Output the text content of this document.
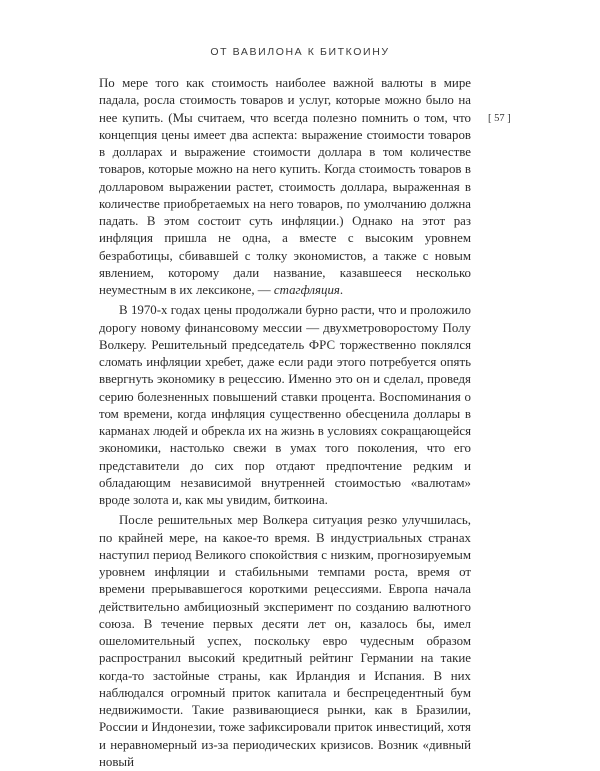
ОТ ВАВИЛОНА К БИТКОИНУ
[ 57 ]

По мере того как стоимость наиболее важной валюты в мире падала, росла стоимость товаров и услуг, которые можно было на нее купить. (Мы считаем, что всегда полезно помнить о том, что концепция цены имеет два аспекта: выражение стоимости товаров в долларах и выражение стоимости доллара в том количестве товаров, которые можно на него купить. Когда стоимость товаров в долларовом выражении растет, стоимость доллара, выраженная в количестве приобретаемых на него товаров, по умолчанию должна падать. В этом состоит суть инфляции.) Однако на этот раз инфляция пришла не одна, а вместе с высоким уровнем безработицы, сбивавшей с толку экономистов, а также с новым явлением, которому дали название, казавшееся несколько неуместным в их лексиконе, — стагфляция.

В 1970-х годах цены продолжали бурно расти, что и проложило дорогу новому финансовому мессии — двухметроворостому Полу Волкеру. Решительный председатель ФРС торжественно поклялся сломать инфляции хребет, даже если ради этого потребуется опять ввергнуть экономику в рецессию. Именно это он и сделал, проведя серию болезненных повышений ставки процента. Воспоминания о том времени, когда инфляция существенно обесценила доллары в карманах людей и обрекла их на жизнь в условиях сокращающейся экономики, настолько свежи в умах того поколения, что его представители до сих пор отдают предпочтение редким и обладающим независимой внутренней стоимостью «валютам» вроде золота и, как мы увидим, биткоина.

После решительных мер Волкера ситуация резко улучшилась, по крайней мере, на какое-то время. В индустриальных странах наступил период Великого спокойствия с низким, прогнозируемым уровнем инфляции и стабильными темпами роста, время от времени прерывавшегося короткими рецессиями. Европа начала действительно амбициозный эксперимент по созданию валютного союза. В течение первых десяти лет он, казалось бы, имел ошеломительный успех, поскольку евро чудесным образом распространил высокий кредитный рейтинг Германии на такие когда-то застойные страны, как Ирландия и Испания. В них наблюдался огромный приток капитала и беспрецедентный бум недвижимости. Такие развивающиеся рынки, как в Бразилии, России и Индонезии, тоже зафиксировали приток инвестиций, хотя и неравномерный из-за периодических кризисов. Возник «дивный новый
